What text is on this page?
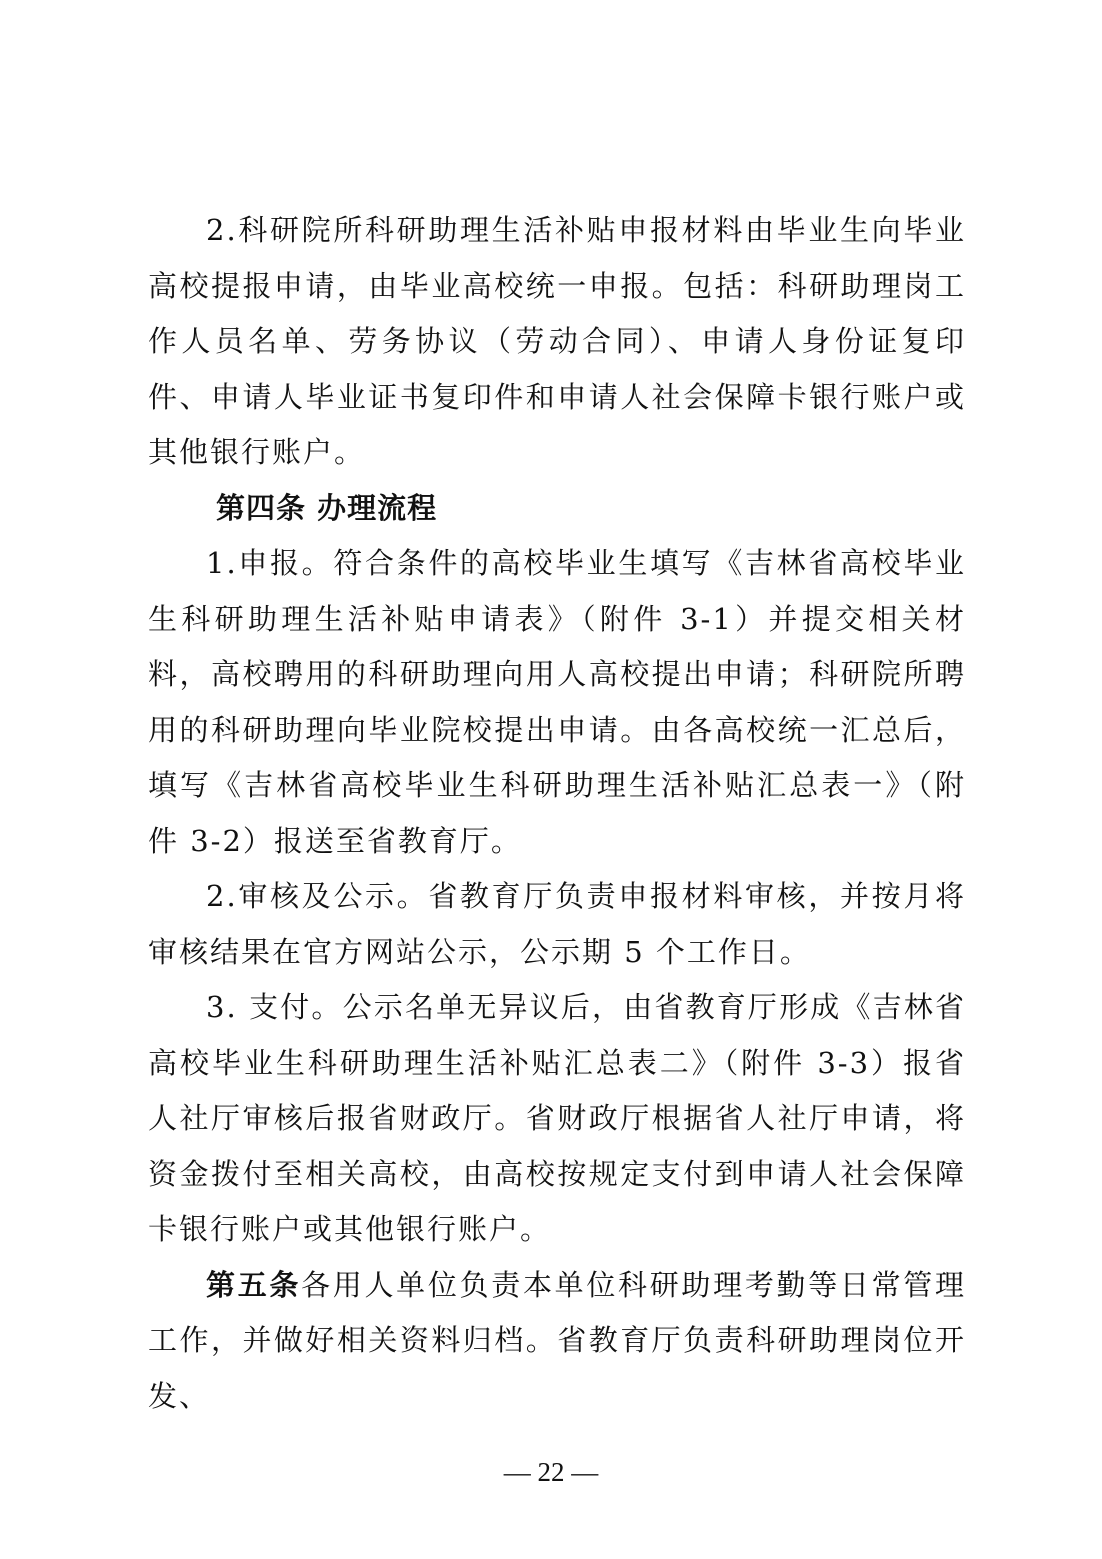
2.科研院所科研助理生活补贴申报材料由毕业生向毕业高校提报申请，由毕业高校统一申报。包括：科研助理岗工作人员名单、劳务协议（劳动合同）、申请人身份证复印件、申请人毕业证书复印件和申请人社会保障卡银行账户或其他银行账户。

第四条 办理流程

1.申报。符合条件的高校毕业生填写《吉林省高校毕业生科研助理生活补贴申请表》（附件 3-1）并提交相关材料，高校聘用的科研助理向用人高校提出申请；科研院所聘用的科研助理向毕业院校提出申请。由各高校统一汇总后，填写《吉林省高校毕业生科研助理生活补贴汇总表一》（附件 3-2）报送至省教育厅。

2.审核及公示。省教育厅负责申报材料审核，并按月将审核结果在官方网站公示，公示期 5 个工作日。

3. 支付。公示名单无异议后，由省教育厅形成《吉林省高校毕业生科研助理生活补贴汇总表二》（附件 3-3）报省人社厅审核后报省财政厅。省财政厅根据省人社厅申请，将资金拨付至相关高校，由高校按规定支付到申请人社会保障卡银行账户或其他银行账户。

第五条各用人单位负责本单位科研助理考勤等日常管理工作，并做好相关资料归档。省教育厅负责科研助理岗位开发、

— 22 —
